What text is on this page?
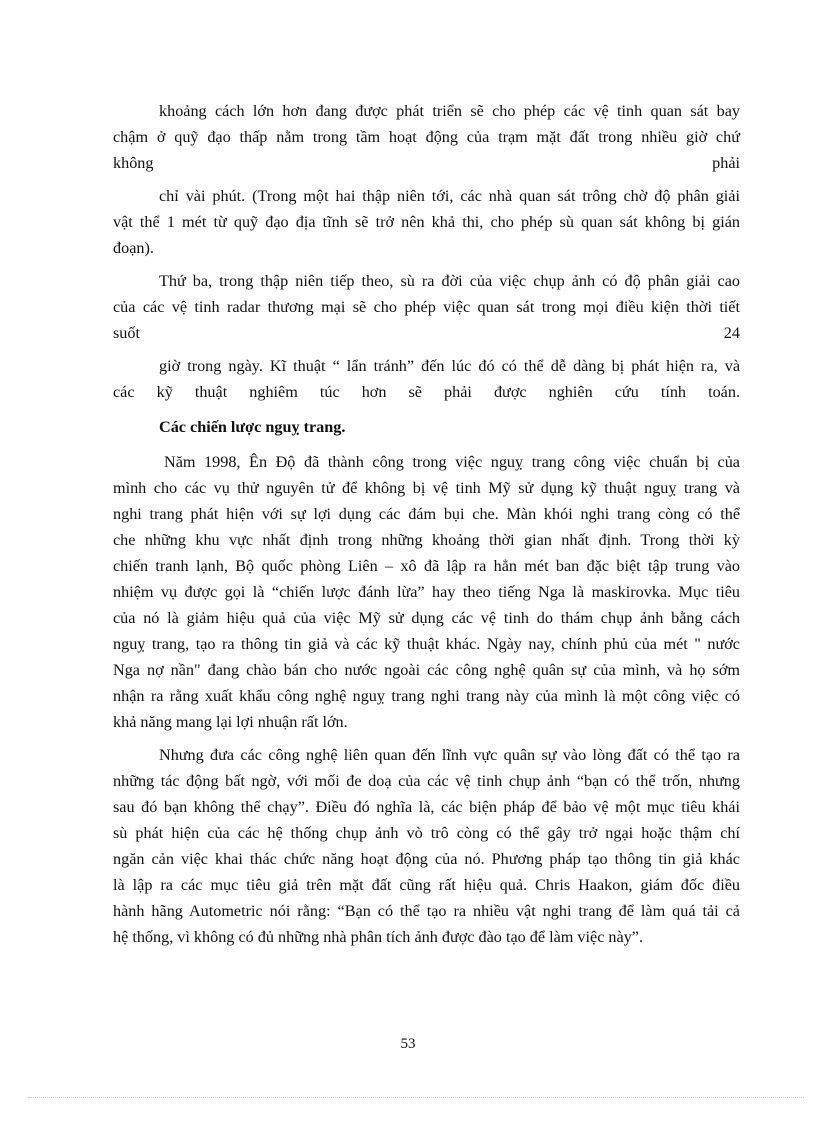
khoảng cách lớn hơn đang được phát triển sẽ cho phép các vệ tinh quan sát bay
chậm ở quỹ đạo thấp nằm trong tầm hoạt động của trạm mặt đất trong nhiều giờ chứ
không phải
chỉ vài phút. (Trong một hai thập niên tới, các nhà quan sát trông chờ độ phân giải
vật thể 1 mét từ quỹ đạo địa tĩnh sẽ trở nên khả thi, cho phép sù quan sát không bị gián
đoạn).
Thứ ba, trong thập niên tiếp theo, sù ra đời của việc chụp ảnh có độ phân giải cao
của các vệ tinh radar thương mại sẽ cho phép việc quan sát trong mọi điều kiện thời tiết
suốt 24
giờ trong ngày. Kĩ thuật “ lẩn tránh” đến lúc đó có thể dễ dàng bị phát hiện ra, và
các kỹ thuật nghiêm túc hơn sẽ phải được nghiên cứu tính toán.
Các chiến lược nguỵ trang.
Năm 1998, Ên Độ đã thành công trong việc nguỵ trang công việc chuẩn bị của
mình cho các vụ thử nguyên tử để không bị vệ tinh Mỹ sử dụng kỹ thuật nguỵ trang và
nghi trang phát hiện với sự lợi dụng các đám bụi che. Màn khói nghi trang còng có thể
che những khu vực nhất định trong những khoảng thời gian nhất định. Trong thời kỳ
chiến tranh lạnh, Bộ quốc phòng Liên – xô đã lập ra hẳn mét ban đặc biệt tập trung vào
nhiệm vụ được gọi là “chiến lược đánh lừa” hay theo tiếng Nga là maskirovka. Mục tiêu
của nó là giảm hiệu quả của việc Mỹ sử dụng các vệ tinh do thám chụp ảnh bằng cách
nguỵ trang, tạo ra thông tin giả và các kỹ thuật khác. Ngày nay, chính phủ của mét " nước
Nga nợ nần" đang chào bán cho nước ngoài các công nghệ quân sự của mình, và họ sớm
nhận ra rằng xuất khẩu công nghệ nguỵ trang nghi trang này của mình là một công việc có
khả năng mang lại lợi nhuận rất lớn.
Nhưng đưa các công nghệ liên quan đến lĩnh vực quân sự vào lòng đất có thể tạo ra
những tác động bất ngờ, với mối đe doạ của các vệ tinh chụp ảnh “bạn có thể trốn, nhưng
sau đó bạn không thể chạy”. Điều đó nghĩa là, các biện pháp để bảo vệ một mục tiêu khái
sù phát hiện của các hệ thống chụp ảnh vò trô còng có thể gây trở ngại hoặc thậm chí
ngăn cản việc khai thác chức năng hoạt động của nó. Phương pháp tạo thông tin giả khác
là lập ra các mục tiêu giả trên mặt đất cũng rất hiệu quả. Chris Haakon, giám đốc điều
hành hãng Autometric nói rằng: “Bạn có thể tạo ra nhiều vật nghi trang để làm quá tải cả
hệ thống, vì không có đủ những nhà phân tích ảnh được đào tạo để làm việc này”.
53
